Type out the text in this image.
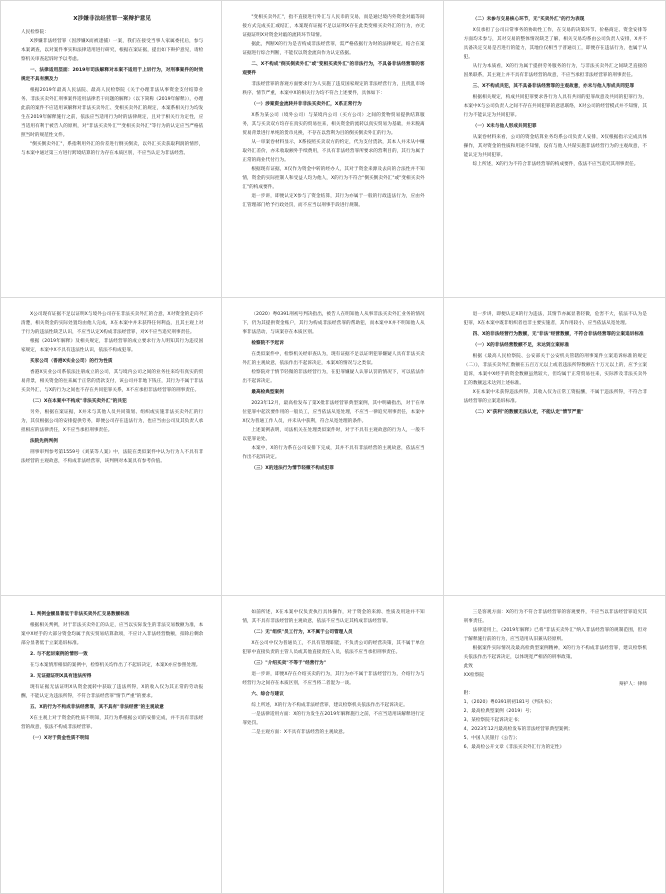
X涉嫌非法经营罪一案辩护意见

人民检察院：

X涉嫌非法经营罪（因涉嫌X而被逮捕）一案，我们在接受当事人家属委托后，参与本案调查，以对案件事实和法律适用进行研究，根据在案证据，提出如下辩护意见，请检察机关审查起诉时予以考虑。

一、法律适用层面：2019年司法解释对本案不适用于上诉行为，对刑事案件的时效规定不具有溯及力

根据2019年最高人民法院、最高人民检察院《关于办理非法从事资金支付结算业务、非法买卖外汇刑事案件适用法律若干问题的解释》（以下简称《2019年解释》），办理此前的案件不应适用该解释对非法买卖外汇、变相买卖外汇的规定，本案系相关行为均发生在2019年解释施行之前，依法应当适用行为时的法律规定，且对于相关行为定性，应当适用有利于被告人的原则，对"非法买卖外汇""变相买卖外汇"等行为的认定应当严格依照当时的规范性文件。

"倒买倒卖外汇"，系指利用外汇的价差进行倒买倒卖，以外汇买卖获取利润的情形，与本案中通过第三方进行跨境结算的行为存在本质区别，不应当认定为非法经营。

"变相买卖外汇"，指不直接进行外汇与人民币的交易，而是通过境内外资金对敲等间接方式完成买汇或结汇，本案现有证据不足以证明X存在此类变相买卖外汇的行为，亦无证据证明X对资金对敲的流转环节知情。

据此，判断X的行为是否构成非法经营罪，需严格依据行为时的法律规定，结合在案证据进行综合判断，不能仅以资金流向作为认定依据。

二、X不构成"倒买倒卖外汇"或"变相买卖外汇"的非法行为，不具备非法经营罪的客观要件

非法经营罪的客观方面要求行为人实施了违反国家规定的非法经营行为，且扰乱市场秩序、情节严重，本案中X的相关行为均不符合上述要件，具体如下：

（一）涉案资金流转并非非法买卖外汇，X系正常行为

X系为某公司（境外公司）与某境内公司（买方公司）之间的货物贸易提供结算服务，其与买卖双方均存在真实的贸易往来，相关资金的流转以真实贸易为基础，并未脱离贸易背景进行单纯的货币兑换，不存在以营利为目的倒买倒卖外汇的行为。

从一审案卷材料显示，X系按照买卖双方的约定，代为支付货款，其本人并未从中赚取外汇差价，亦未收取额外手续费用，不具有非法经营罪所要求的营利目的，其行为属于正常的商业代付行为。

根据现有证据，X仅作为资金中转的经办人，其对于资金来源及去向的合法性并不知情，资金的实际控制人和受益人均为他人，X的行为不符合"倒买倒卖外汇"或"变相买卖外汇"的构成要件。

退一步讲，即便认定X参与了资金结算，其行为亦属于一般的行政违法行为，应由外汇管理部门给予行政处罚，而不应当以刑事手段进行规制。

（二）未参与交易核心环节，无"买卖外汇"的行为表现

X仅承担了公司日常事务的协助性工作，在交易的决策环节、价格商定、资金安排等方面均未参与，其对交易的整体情况缺乏了解，相关交易均系由公司负责人安排，X并不具备决定交易是否进行的能力，其地位仅相当于普通员工，即便存在违法行为，也属于从犯。

从行为本质看，X的行为属于提供劳务服务的行为，与非法买卖外汇之间缺乏直接的因果联系，其主观上并不具有非法经营的故意，不应当承担非法经营罪的刑事责任。

三、X不构成共犯，其不具备非法经营罪的主观故意，亦未与他人形成共同犯罪

根据相关规定，构成共同犯罪要求各行为人具有共同的犯罪故意及共同的犯罪行为，本案中X与公司负责人之间不存在共同犯罪的意思联络，X对公司的经营模式并不知情，其行为不能认定为共同犯罪。

（一）X未与他人形成共同犯罪

从案卷材料来看，公司的资金结算业务均系公司负责人安排，X仅根据指示完成具体操作，其对资金的性质和用途不知情，没有与他人共谋实施非法经营行为的主观故意，不能认定为共同犯罪。

综上所述，X的行为不符合非法经营罪的构成要件，依法不应当追究其刑事责任。

X公司现有证据不足以证明X与境外公司存在非法买卖外汇的合意，X对资金的走向不清楚，相关资金的实际处置均由他人完成，X在本案中并未获得任何利益，且其主观上对于行为的违法性缺乏认识，不应当认定X构成非法经营罪，对X不应当追究刑事责任。

根据《2019年解释》及相关规定，非法经营罪的成立要求行为人明知其行为违反国家规定，本案中X不具有违法性认识，依法不构成犯罪。

买家公司（香港X实业公司）的行为性质

香港X实业公司系依法注册成立的公司，其与境内公司之间的业务往来均有真实的贸易背景，相关资金的往来属于正常的货款支付，该公司并非地下钱庄，其行为不属于非法买卖外汇，与X的行为之间也不存在共同犯罪关系，X不应承担非法经营罪的刑事责任。

（二）X在本案中不构成"非法买卖外汇"的共犯

另外，根据在案证据，X并未与其他人员共同策划、组织或实施非法买卖外汇的行为，其仅根据公司的安排提供劳务，即便公司存在违法行为，也应当由公司及其负责人承担相应的法律责任，X不应当承担刑事责任。

法院先例判例

刑事审判参考第1559号《刘某等人案》中，法院在类似案件中认为行为人不具有非法经营的主观故意，不构成非法经营罪，该判例对本案具有参考价值。

（2020）粤0391刑初号判决指出，被告人在明知他人从事非法买卖外汇业务的情况下，仍为其提供资金账户，其行为构成非法经营罪的帮助犯，而本案中X并不明知他人从事非法活动，与该案存在本质区别。

检察院不予起诉

在类似案件中，检察机关经审查认为，现有证据不足以证明犯罪嫌疑人具有非法买卖外汇的主观故意，依法作出不起诉决定，本案X的情况与之类似。

检察院对于情节轻微的非法经营行为，在犯罪嫌疑人认罪认罚的情况下，可以依法作出不起诉决定。

最高检典型案例

2023年12月，最高检发布了第X批非法经营罪典型案例，其中明确指出，对于在单位犯罪中起次要作用的一般员工，应当依法从宽处理，不应当一律追究刑事责任，本案中X仅为普通工作人员，并未从中获利，符合从宽处理的条件。

上述案例表明，司法机关在处理类似案件时，对于不具有主观故意的行为人，一般不以犯罪论处。

本案中，X的行为系在公司安排下完成，其并不具有非法经营的主观故意，依法应当作出不起诉决定。

（三）X的违法行为情节轻微不构成犯罪

退一步讲，即便认定X的行为违法，其情节亦属显著轻微，危害不大，依法不认为是犯罪，X在本案中既非组织者也非主要实施者，其作用较小，应当依法从宽处理。

四、X的非法经营行为数额，无"非法"经营数额，不符合非法经营罪的立案追诉标准

（一）X的非法经营数额不足，未达到立案标准

根据《最高人民检察院、公安部关于公安机关管辖的刑事案件立案追诉标准的规定（二）》，非法买卖外汇数额在五百万元以上或者违法所得数额在十万元以上的，应予立案追诉，本案中X经手的资金数额虽然较大，但均属于正常贸易往来，实际涉及非法买卖外汇的数额远未达到上述标准。

X在本案中未获得违法所得，其收入仅为正常工资报酬，不属于违法所得，不符合非法经营罪的立案追诉标准。

（二）X"获利"的数额无法认定，不能认定"情节严重"

1. 判例金额显著低于非法买卖外汇交易数额标准

根据相关判例，对于非法买卖外汇的认定，应当以实际发生的非法交易数额为准，本案中X经手的大部分资金均属于真实贸易结算款项，不应计入非法经营数额，扣除后剩余部分显著低于立案追诉标准。

2. 与不起诉案例的情形一致

在与本案情形相似的案例中，检察机关均作出了不起诉决定，本案X亦应参照处理。

3. 无证据证明X具有违法所得

现有证据无法证明X从资金流转中获取了违法所得，X的收入仅为其正常的劳动报酬，不能认定为违法所得，不符合非法经营罪"情节严重"的要求。

五、X的行为不构成非法经营罪，其不具有"非法经营"的主观故意

X在主观上对于资金的性质不明知，其行为系根据公司的安排完成，并不具有非法经营的故意，依法不构成非法经营罪。

（一）X对于资金性质不明知

如前所述，X在本案中仅负责执行具体操作，对于资金的来源、性质及用途并不知情，其不具有非法经营的主观故意，依法不应当认定其构成非法经营罪。

（二）无"组织"员工行为，X不属于公司管理人员

X在公司中仅为普通员工，不具有管理职能，不负责公司的经营决策，其不属于单位犯罪中直接负责的主管人员或其他直接责任人员，依法不应当承担刑事责任。

（三）"介绍买卖"不等于"经营行为"

退一步讲，即便X存在介绍买卖的行为，其行为亦不属于非法经营行为，介绍行为与经营行为之间存在本质区别，不应当将二者混为一谈。

六、综合与建议

综上所述，X的行为不构成非法经营罪，建议检察机关依法作出不起诉决定。

一是法律适用方面：X的行为发生在2019年解释施行之前，不应当适用该解释进行定罪处罚。

二是主观方面：X不具有非法经营的主观故意。

三是客观方面：X的行为不符合非法经营罪的客观要件，不应当以非法经营罪追究其刑事责任。

法律适用上，《2019年解释》已将"非法买卖外汇"纳入非法经营罪的规制范围，但对于解释施行前的行为，应当适用从旧兼从轻原则。

根据案件实际情况及最高检典型案例精神，X的行为不构成非法经营罪，建议检察机关依法作出不起诉决定，以体现宽严相济的刑事政策。

此致

XX检察院

辩护人：律师

附：

1、《2020》粤0391刑初181号《判决书》；

2、最高检典型案例（2019）号；

3、某检察院不起诉决定书；

4、2023年12月最高检发布的非法经营罪典型案例；

5、中国人民银行《公告》；

6、最高检公开文章《非法买卖外汇行为的定性》
